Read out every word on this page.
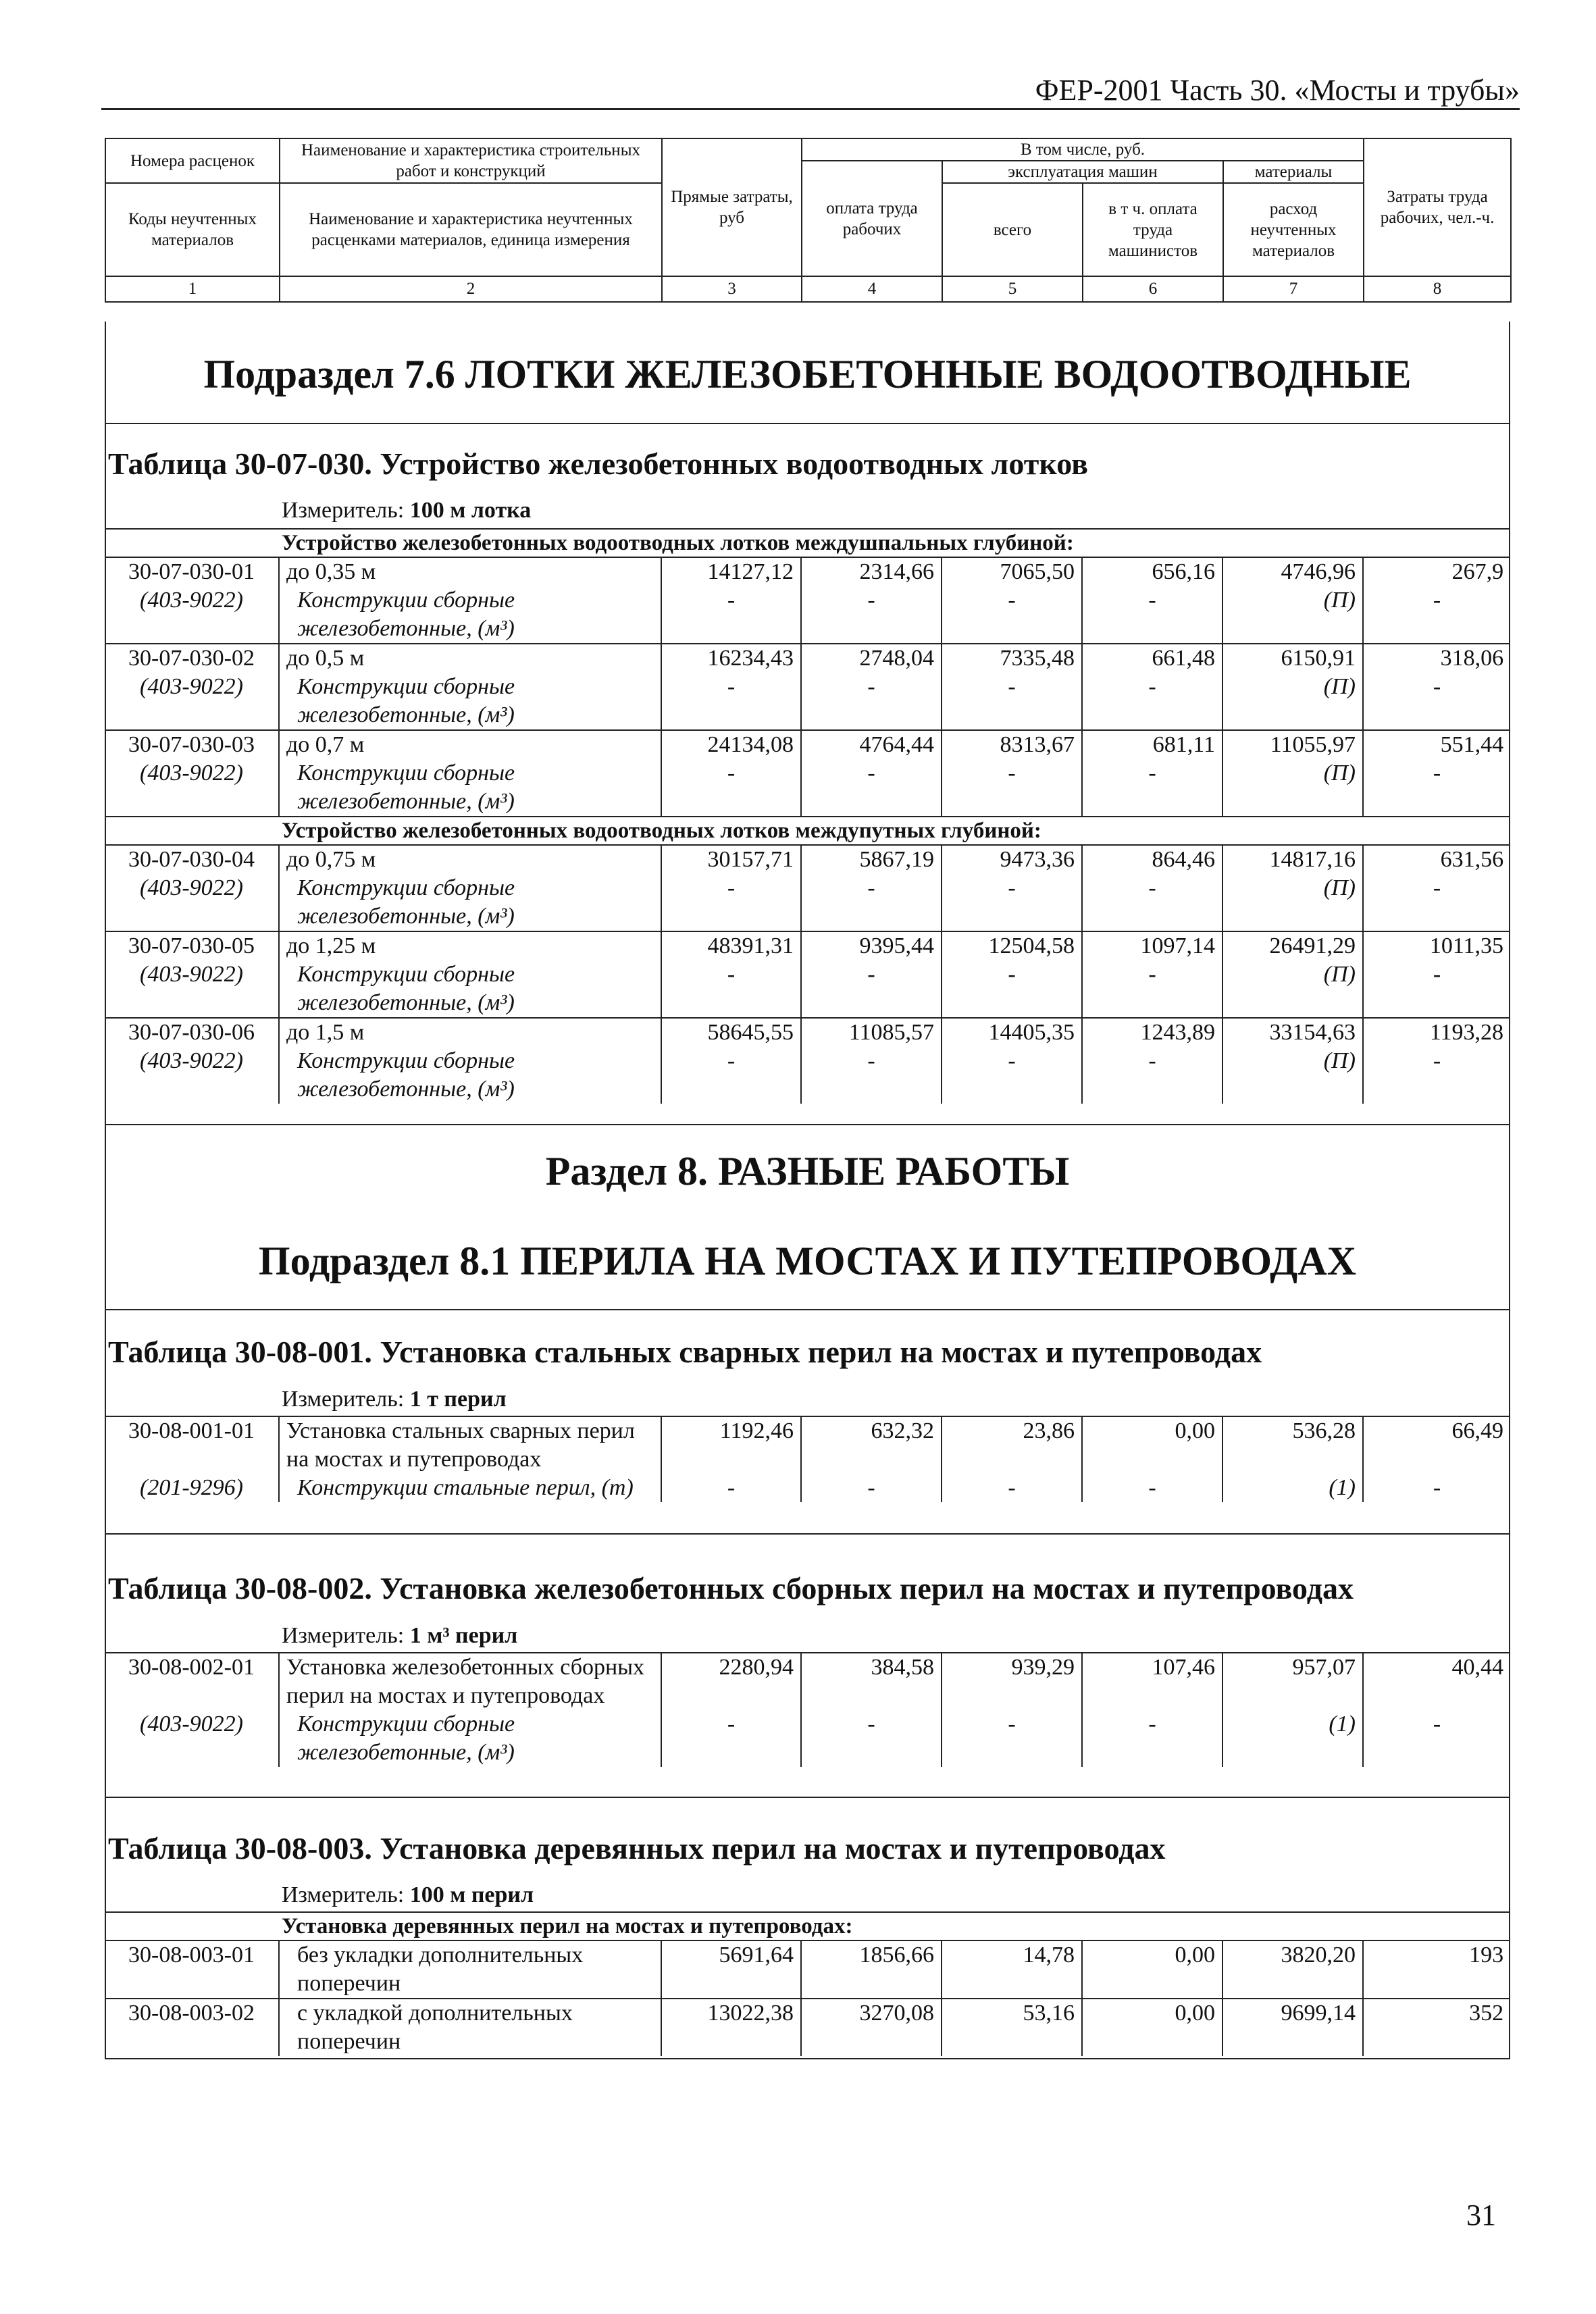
ФЕР-2001 Часть 30. «Мосты и трубы»
Номера расценок	Наименование и характеристика строительных работ и конструкций	Прямые затраты, руб	В том числе, руб.				Затраты труда рабочих, чел.-ч.
			оплата труда рабочих	эксплуатация машин		материалы	
Коды неучтенных материалов	Наименование и характеристика неучтенных расценками материалов, единица измерения			всего	в т ч. оплата труда машинистов	расход неучтенных материалов	

1	2	3	4	5	6	7	8
Подраздел 7.6 ЛОТКИ ЖЕЛЕЗОБЕТОННЫЕ ВОДООТВОДНЫЕ
Таблица 30-07-030. Устройство железобетонных водоотводных лотков
Измеритель: 100 м лотка
Устройство железобетонных водоотводных лотков междушпальных глубиной:							
30-07-030-01	до 0,35 м	14127,12	2314,66	7065,50	656,16	4746,96	267,9
(403-9022)	Конструкции сборные железобетонные, (м³)	-	-	-	-	(П)	-
30-07-030-02	до 0,5 м	16234,43	2748,04	7335,48	661,48	6150,91	318,06
(403-9022)	Конструкции сборные железобетонные, (м³)	-	-	-	-	(П)	-
30-07-030-03	до 0,7 м	24134,08	4764,44	8313,67	681,11	11055,97	551,44
(403-9022)	Конструкции сборные железобетонные, (м³)	-	-	-	-	(П)	-
Устройство железобетонных водоотводных лотков междупутных глубиной:							
30-07-030-04	до 0,75 м	30157,71	5867,19	9473,36	864,46	14817,16	631,56
(403-9022)	Конструкции сборные железобетонные, (м³)	-	-	-	-	(П)	-
30-07-030-05	до 1,25 м	48391,31	9395,44	12504,58	1097,14	26491,29	1011,35
(403-9022)	Конструкции сборные железобетонные, (м³)	-	-	-	-	(П)	-
30-07-030-06	до 1,5 м	58645,55	11085,57	14405,35	1243,89	33154,63	1193,28
(403-9022)	Конструкции сборные железобетонные, (м³)	-	-	-	-	(П)	-
Раздел 8. РАЗНЫЕ РАБОТЫ
Подраздел 8.1 ПЕРИЛА НА МОСТАХ И ПУТЕПРОВОДАХ
Таблица 30-08-001. Установка стальных сварных перил на мостах и путепроводах
Измеритель: 1 т перил
30-08-001-01	Установка стальных сварных перил на мостах и путепроводах	1192,46	632,32	23,86	0,00	536,28	66,49
(201-9296)	Конструкции стальные перил, (т)	-	-	-	-	(1)	-
Таблица 30-08-002. Установка железобетонных сборных перил на мостах и путепроводах
Измеритель: 1 м³ перил
30-08-002-01	Установка железобетонных сборных перил на мостах и путепроводах	2280,94	384,58	939,29	107,46	957,07	40,44
(403-9022)	Конструкции сборные железобетонные, (м³)	-	-	-	-	(1)	-
Таблица 30-08-003. Установка деревянных перил на мостах и путепроводах
Измеритель: 100 м перил
Установка деревянных перил на мостах и путепроводах:							
30-08-003-01	без укладки дополнительных поперечин	5691,64	1856,66	14,78	0,00	3820,20	193
30-08-003-02	с укладкой дополнительных поперечин	13022,38	3270,08	53,16	0,00	9699,14	352
31
